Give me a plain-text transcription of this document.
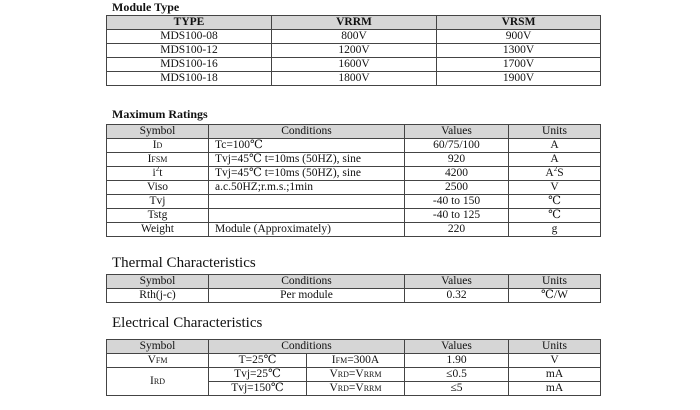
Module Type
TYPE	VRRM	VRSM
MDS100-08	800V	900V
MDS100-12	1200V	1300V
MDS100-16	1600V	1700V
MDS100-18	1800V	1900V
Maximum Ratings
Symbol	Conditions	Values	Units
ID	Tc=100℃	60/75/100	A
IFSM	Tvj=45℃ t=10ms (50HZ), sine	920	A
$i^2t$	Tvj=45℃ t=10ms (50HZ), sine	4200	$A^2S$
Viso	a.c.50HZ;r.m.s.;1min	2500	V
Tvj		-40 to 150	℃
Tstg		-40 to 125	℃
Weight	Module (Approximately)	220	g
Thermal Characteristics
Symbol	Conditions	Values	Units
Rth(j-c)	Per module	0.32	℃/W
Electrical Characteristics
Symbol	Conditions		Values	Units
VFM	T=25℃	IFM=300A	1.90	V
IRD	Tvj=25℃	VRD=VRRM	≤0.5	mA
	Tvj=150℃	VRD=VRRM	≤5	mA
